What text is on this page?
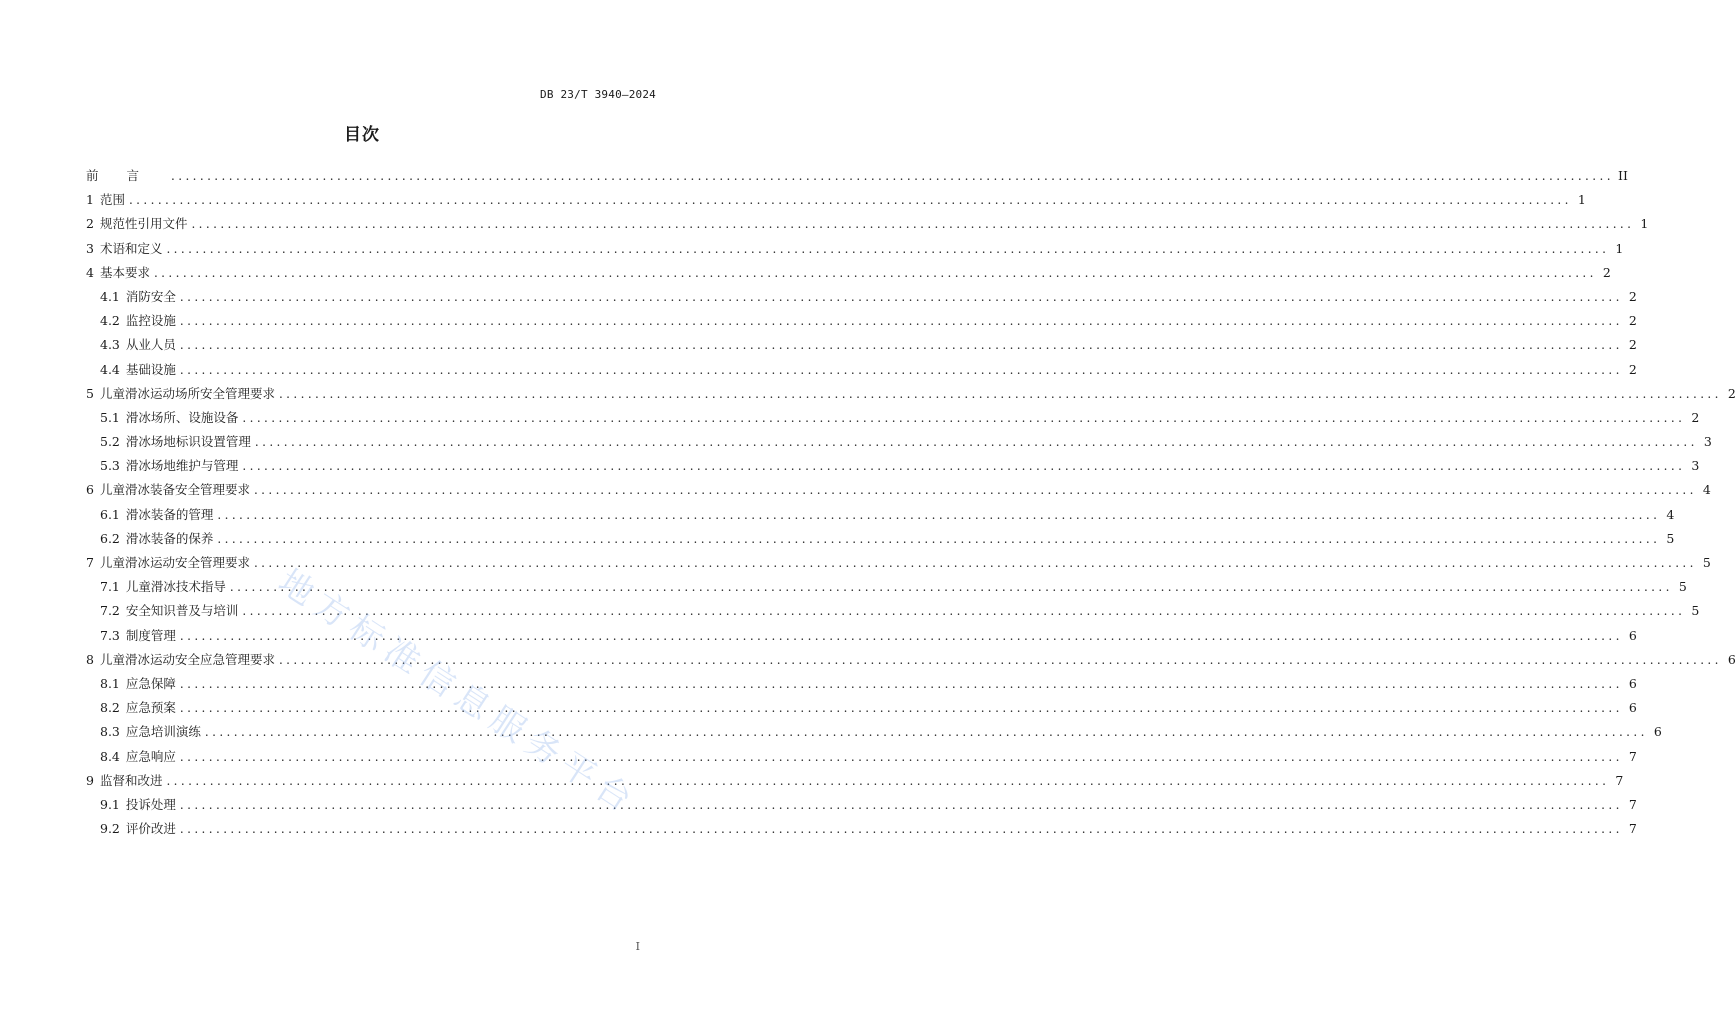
DB 23/T 3940—2024
目次
前言 ........................................................................................................................................................................................................ II
1 范围 ........................................................................................................................................................................................................ 1
2 规范性引用文件 ........................................................................................................................................................................................................ 1
3 术语和定义 ........................................................................................................................................................................................................ 1
4 基本要求 ........................................................................................................................................................................................................ 2
4.1 消防安全 ........................................................................................................................................................................................................ 2
4.2 监控设施 ........................................................................................................................................................................................................ 2
4.3 从业人员 ........................................................................................................................................................................................................ 2
4.4 基础设施 ........................................................................................................................................................................................................ 2
5 儿童滑冰运动场所安全管理要求 ........................................................................................................................................................................................................ 2
5.1 滑冰场所、设施设备 ........................................................................................................................................................................................................ 2
5.2 滑冰场地标识设置管理 ........................................................................................................................................................................................................ 3
5.3 滑冰场地维护与管理 ........................................................................................................................................................................................................ 3
6 儿童滑冰装备安全管理要求 ........................................................................................................................................................................................................ 4
6.1 滑冰装备的管理 ........................................................................................................................................................................................................ 4
6.2 滑冰装备的保养 ........................................................................................................................................................................................................ 5
7 儿童滑冰运动安全管理要求 ........................................................................................................................................................................................................ 5
7.1 儿童滑冰技术指导 ........................................................................................................................................................................................................ 5
7.2 安全知识普及与培训 ........................................................................................................................................................................................................ 5
7.3 制度管理 ........................................................................................................................................................................................................ 6
8 儿童滑冰运动安全应急管理要求 ........................................................................................................................................................................................................ 6
8.1 应急保障 ........................................................................................................................................................................................................ 6
8.2 应急预案 ........................................................................................................................................................................................................ 6
8.3 应急培训演练 ........................................................................................................................................................................................................ 6
8.4 应急响应 ........................................................................................................................................................................................................ 7
9 监督和改进 ........................................................................................................................................................................................................ 7
9.1 投诉处理 ........................................................................................................................................................................................................ 7
9.2 评价改进 ........................................................................................................................................................................................................ 7
地方标准信息服务平台
I
